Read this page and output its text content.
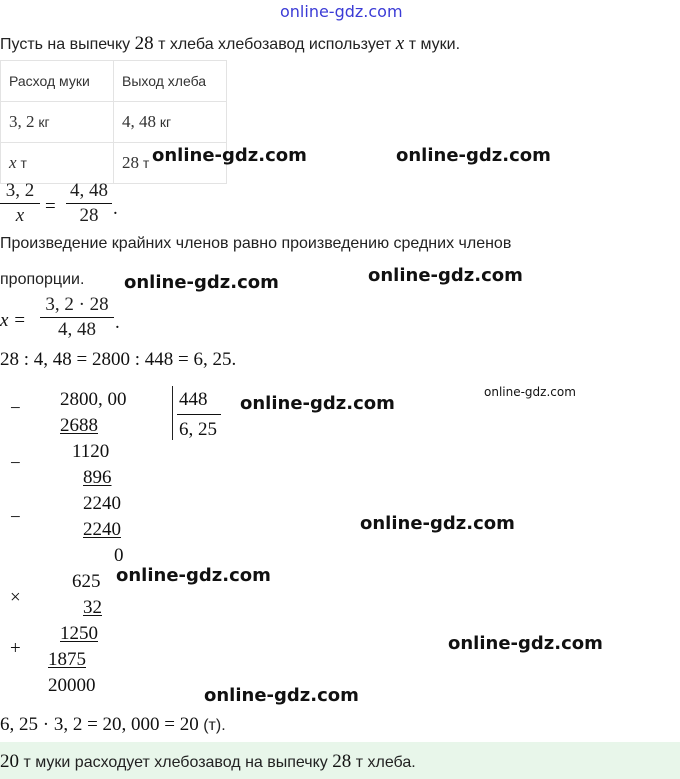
online-gdz.com
Пусть на выпечку 28 т хлеба хлебозавод использует x т муки.
Расход муки	Выход хлеба
3, 2 кг	4, 48 кг
x т	28 т
3, 2
x	=
4, 48
28 .
Произведение крайних членов равно произведению средних членов
пропорции.
x =
3, 2 · 28
4, 48	.
28 : 4, 48 = 2800 : 448 = 6, 25.
− 2800, 00
2688
448
6, 25
−
1120
896
−
2240
2240
0
×
625
32
1250
+
1875
20000
6, 25 · 3, 2 = 20, 000 = 20 (т).
20 т муки расходует хлебозавод на выпечку 28 т хлеба.
online-gdz.com	online-gdz.com
online-gdz.com	online-gdz.com
online-gdz.com
online-gdz.com
online-gdz.com
online-gdz.com
online-gdz.com
online-gdz.com
